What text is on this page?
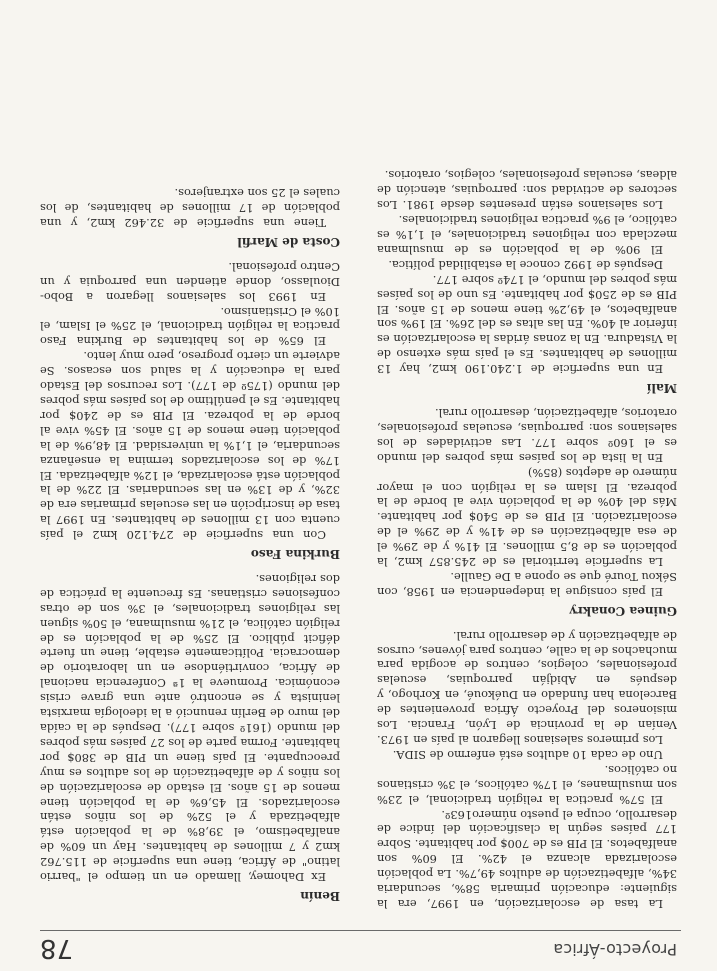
78	Proyecto-África

La tasa de escolarización, en 1997, era la siguiente: educación primaria 58%, secundaria 34%, alfabetización de adultos 49,7%. La población escolarizada alcanza el 42%. El 60% son analfabetos. El PIB es de 700$ por habitante. Sobre 177 países según la clasificación del índice de desarrollo, ocupa el puesto número163º.

El 57% practica la religión tradicional, el 23% son musulmanes, el 17% católicos, el 3% cristianos no católicos.

Uno de cada 10 adultos está enfermo de SIDA.

Los primeros salesianos llegaron al país en 1973. Venían de la provincia de Lyón, Francia. Los misioneros del Proyecto África provenientes de Barcelona han fundado en Duékoué, en Korhogo, y después en Abidján parroquias, escuelas profesionales, colegios, centros de acogida para muchachos de la calle, centros para jóvenes, cursos de alfabetización y de desarrollo rural.

Guinea Conakry

El país consigue la independencia en 1958, con Sékou Touré que se opone a De Gaulle.

La superficie territorial es de 245.857 km2, la población es de 8,5 millones. El 41% y de 29% el de esa alfabetización es de 41% y de 29% el de escolarización. El PIB es de 540$ por habitante. Más del 40% de la población vive al borde de la pobreza. El Islam es la religión con el mayor número de adeptos (85%)

En la lista de los países más pobres del mundo es el 160º sobre 177. Las actividades de los salesianos son: parroquias, escuelas profesionales, oratorios, alfabetización, desarrollo rural.

Malí

En una superficie de 1.240.190 km2, hay 13 millones de habitantes. Es el país más extenso de la Vistadura. En la zonas áridas la escolarización es inferior al 40%. En las altas es del 26%. El 19% son analfabetos, el 49,2% tiene menos de 15 años. El PIB es de 250$ por habitante. Es uno de los países más pobres del mundo, el 174º sobre 177.

Después de 1992 conoce la estabilidad política.

El 90% de la población es de musulmana mezclada con religiones tradicionales, el 1,1% es católico, el 9% practica religiones tradicionales.

Los salesianos están presentes desde 1981. Los sectores de actividad son: parroquias, atención de aldeas, escuelas profesionales, colegios, oratorios.

Benín

Ex Dahomey, llamado en un tiempo el "barrio latino" de África, tiene una superficie de 115.762 km2 y 7 millones de habitantes. Hay un 60% de analfabetismo, el 39,8% de la población está alfabetizada y el 52% de los niños están escolarizados. El 45,6% de la población tiene menos de 15 años. El estado de escolarización de los niños y de alfabetización de los adultos es muy preocupante. El país tiene un PIB de 380$ por habitante. Forma parte de los 27 países más pobres del mundo (161º sobre 177). Después de la caída del muro de Berlín renunció a la ideología marxista leninista y se encontró ante una grave crisis económica. Promueve la 1ª Conferencia nacional de África, convirtiéndose en un laboratorio de democracia. Políticamente estable, tiene un fuerte déficit público. El 25% de la población es de religión católica, el 21% musulmana, el 50% siguen las religiones tradicionales, el 3% son de otras confesiones cristianas. Es frecuente la práctica de dos religiones.

Burkina Faso

Con una superficie de 274.120 km2 el país cuenta con 13 millones de habitantes. En 1997 la tasa de inscripción en las escuelas primarias era de 32%, y de 13% en las secundarias. El 22% de la población está escolarizada, el 12% alfabetizada. El 17% de los escolarizados termina la enseñanza secundaria, el 1,1% la universidad. El 48,9% de la población tiene menos de 15 años. El 45% vive al borde de la pobreza. El PIB es de 240$ por habitante. Es el penúltimo de los países más pobres del mundo (175º de 177). Los recursos del Estado para la educación y la salud son escasos. Se advierte un cierto progreso, pero muy lento.

El 65% de los habitantes de Burkina Faso practica la religión tradicional, el 25% el Islam, el 10% el Cristianismo.

En 1993 los salesianos llegaron a Bobo-Dioulasso, donde atienden una parroquia y un Centro profesional.

Costa de Marfil

Tiene una superficie de 32.462 km2, y una población de 17 millones de habitantes, de los cuales el 25 son extranjeros.
